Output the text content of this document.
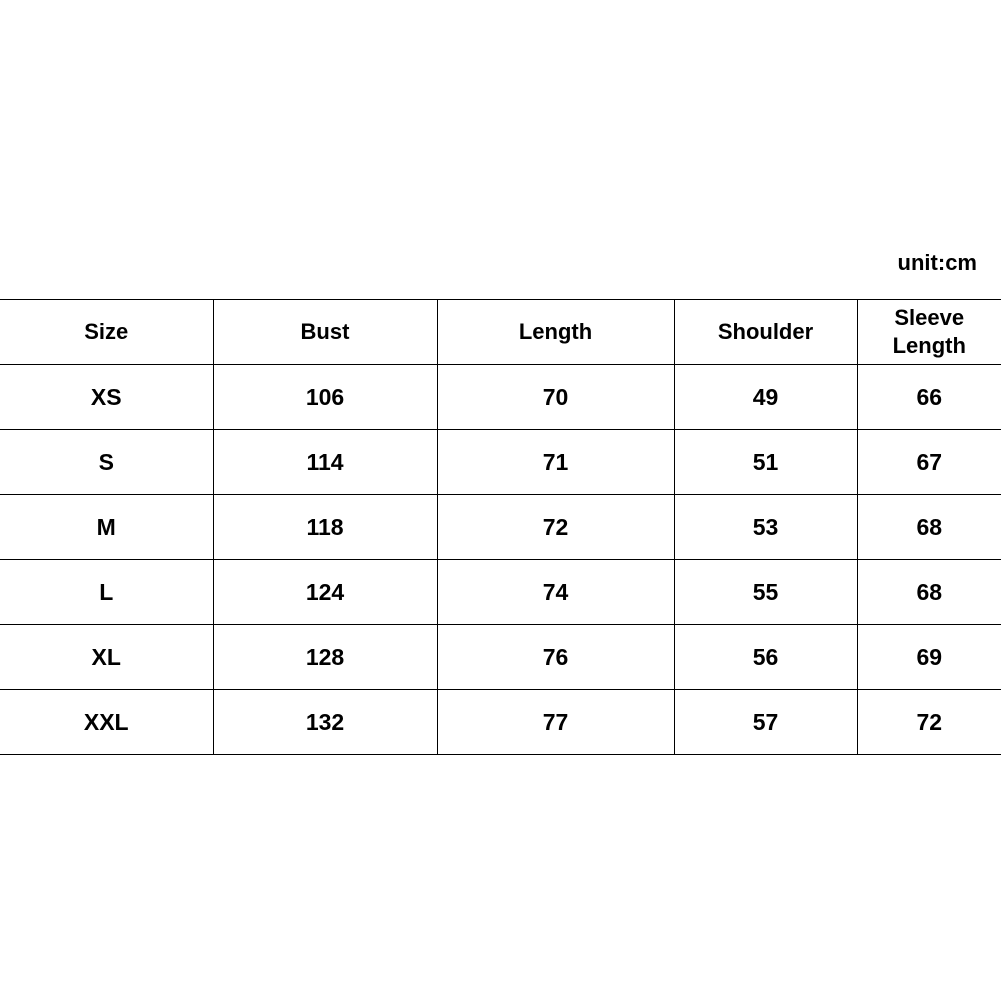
unit:cm
Size	Bust	Length	Shoulder	Sleeve
Length
XS	106	70	49	66
S	114	71	51	67
M	118	72	53	68
L	124	74	55	68
XL	128	76	56	69
XXL	132	77	57	72
